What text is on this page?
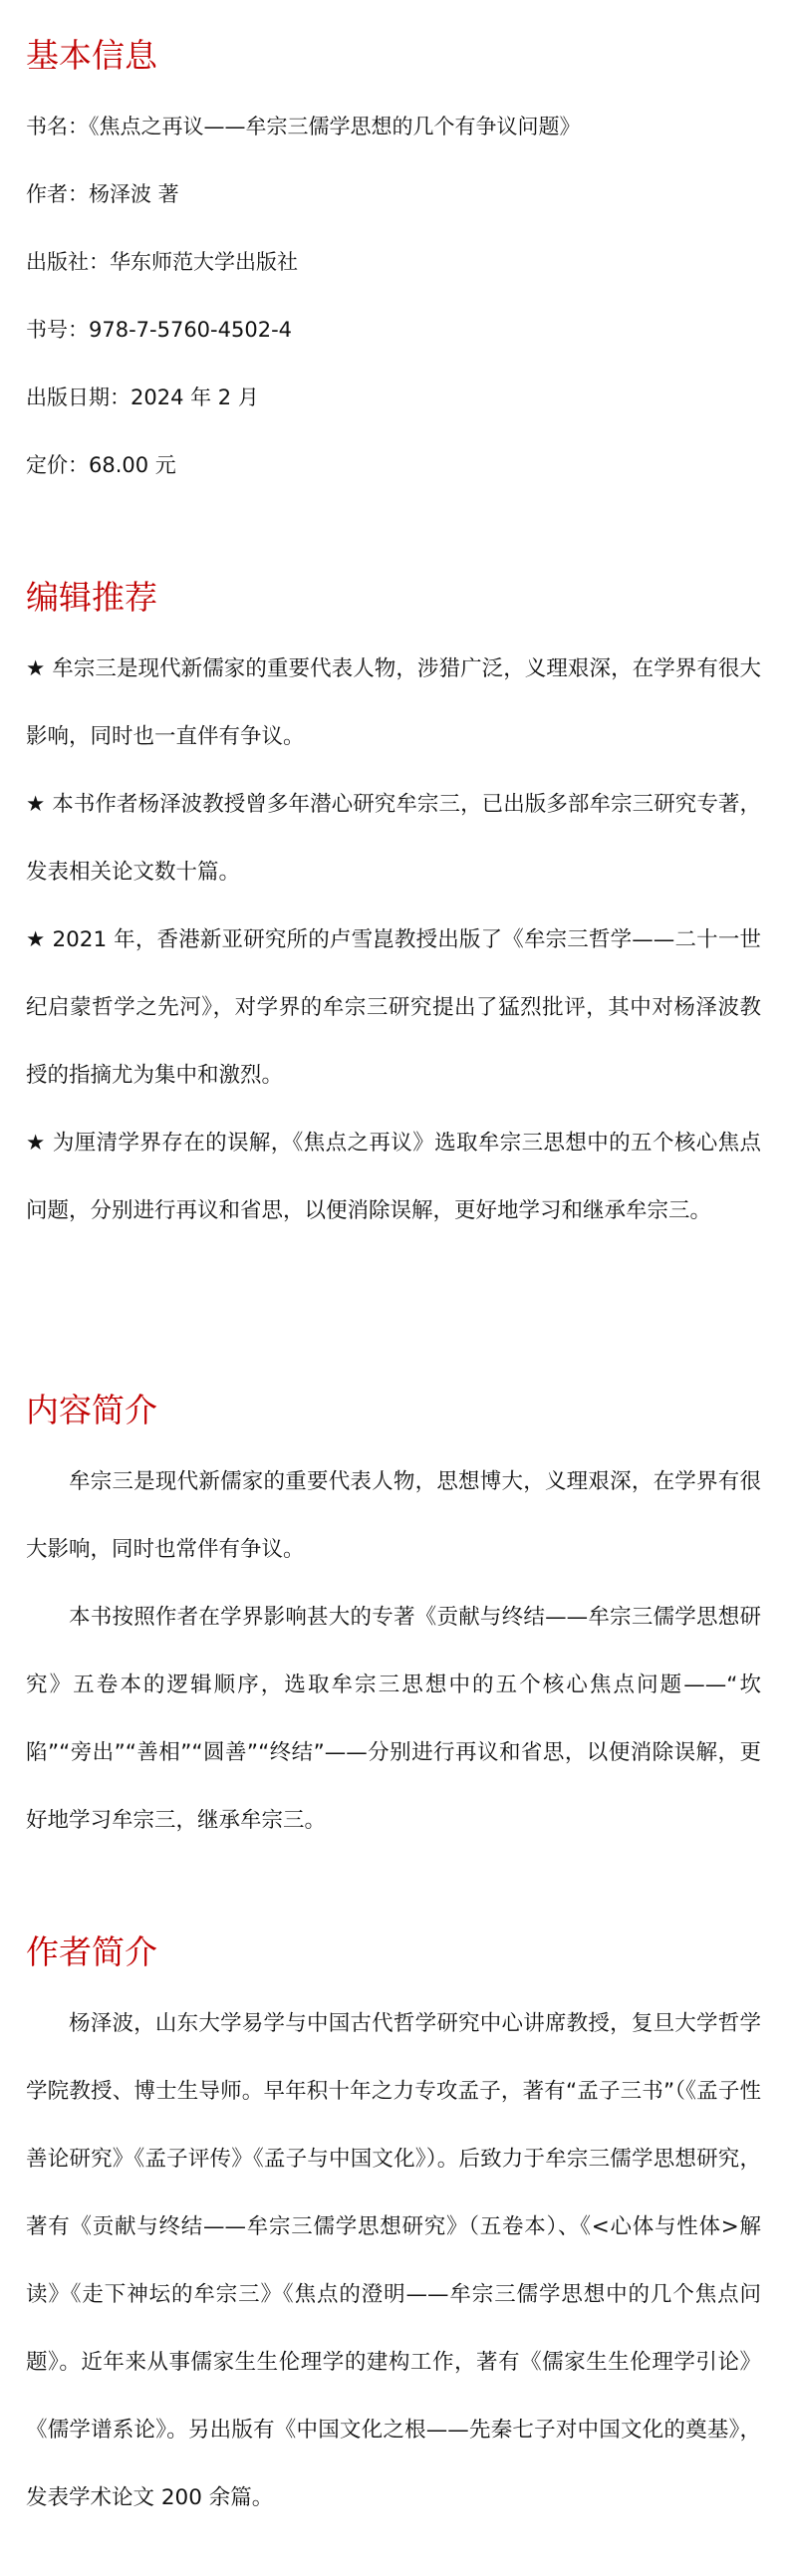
基本信息

书名：《焦点之再议——牟宗三儒学思想的几个有争议问题》

作者：杨泽波 著

出版社：华东师范大学出版社

书号：978-7-5760-4502-4

出版日期：2024 年 2 月

定价：68.00 元

编辑推荐

★ 牟宗三是现代新儒家的重要代表人物，涉猎广泛，义理艰深，在学界有很大影响，同时也一直伴有争议。

★ 本书作者杨泽波教授曾多年潜心研究牟宗三，已出版多部牟宗三研究专著，发表相关论文数十篇。

★ 2021 年，香港新亚研究所的卢雪崑教授出版了《牟宗三哲学——二十一世纪启蒙哲学之先河》，对学界的牟宗三研究提出了猛烈批评，其中对杨泽波教授的指摘尤为集中和激烈。

★ 为厘清学界存在的误解，《焦点之再议》选取牟宗三思想中的五个核心焦点问题，分别进行再议和省思，以便消除误解，更好地学习和继承牟宗三。

内容简介

牟宗三是现代新儒家的重要代表人物，思想博大，义理艰深，在学界有很大影响，同时也常伴有争议。

本书按照作者在学界影响甚大的专著《贡献与终结——牟宗三儒学思想研究》五卷本的逻辑顺序，选取牟宗三思想中的五个核心焦点问题——“坎陷”“旁出”“善相”“圆善”“终结”——分别进行再议和省思，以便消除误解，更好地学习牟宗三，继承牟宗三。

作者简介

杨泽波，山东大学易学与中国古代哲学研究中心讲席教授，复旦大学哲学学院教授、博士生导师。早年积十年之力专攻孟子，著有“孟子三书”（《孟子性善论研究》《孟子评传》《孟子与中国文化》）。后致力于牟宗三儒学思想研究，著有《贡献与终结——牟宗三儒学思想研究》（五卷本）、《<心体与性体>解读》《走下神坛的牟宗三》《焦点的澄明——牟宗三儒学思想中的几个焦点问题》。近年来从事儒家生生伦理学的建构工作，著有《儒家生生伦理学引论》《儒学谱系论》。另出版有《中国文化之根——先秦七子对中国文化的奠基》，发表学术论文 200 余篇。
